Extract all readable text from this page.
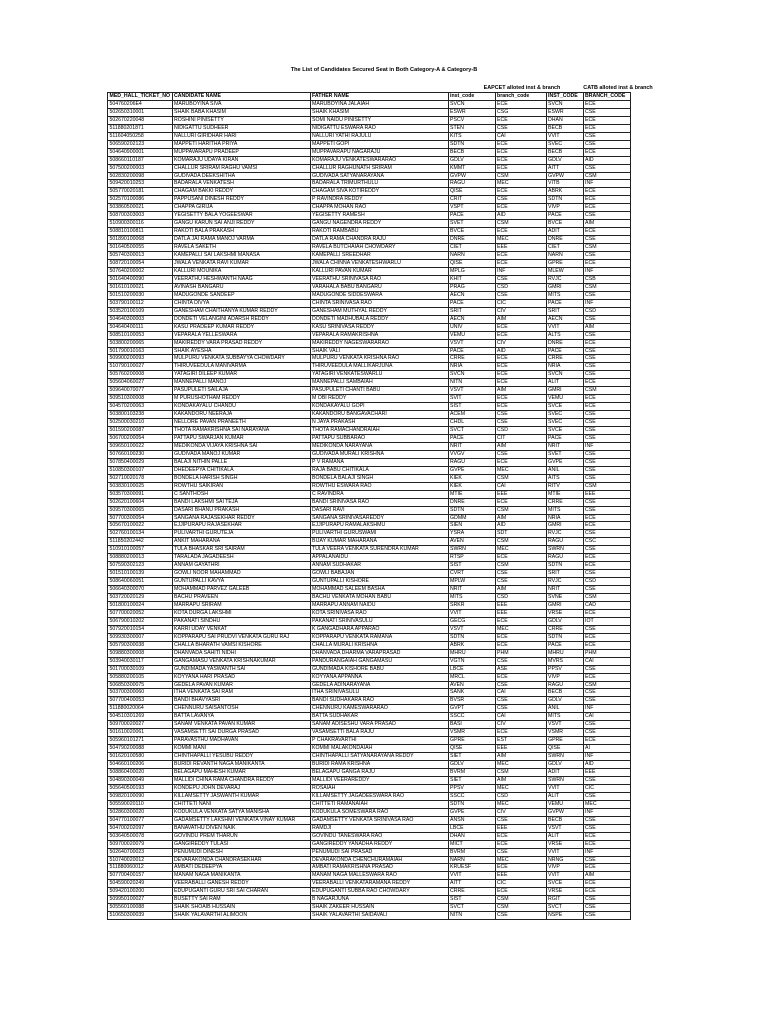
The List of Candidates Secured Seat in Both Category-A & Category-B
EAPCET alloted inst & branch	CATB alloted inst & branch
MED_HALL_TICKET_NO	CANDIDATE NAME	FATHER NAME	inst_code	branch_code	INST_CODE	BRANCH_CODE
504760206E4	MARUBOYINA SIVA	MARUBOYINA JALAIAH	SVCN	ECE	SVCN	ECE
502650310001	SHAIK BABA KHASIM	SHAIK KHASIM	ESWR	CSG	ESWR	CSE
502670220048	ROSHINI PINISETTY	SOMI NAIDU PINISETTY	PSCV	ECE	DHAN	ECE
511880201871	NIDIGATTU SUDHEER	NIDIGATTU ESWARA RAO	STEN	CSE	BECB	ECE
511604050258	NALLURI GIRIDHAR HARI	NALLURI YATHI RAJULU	KITS	CAI	VVIT	CSE
506590202123	MAPPETI HARITHA PRIYA	MAPPETI GOPI	SDTN	ECE	SVEC	CSE
504640900001	MUPPAVARAPU PRADEEP	MUPPAVARAPU NAGARAJU	BECB	ECE	BECB	ECE
508660110187	KOMARAJU UDAYA KIRAN	KOMARAJU VENKATESWARARAO	GDLV	ECE	GDLV	AID
507500200003	CHALLUR SRIRAM RAGHU VAMSI	CHALLUR RAGHUNATH SRIRAM	KMMT	ECE	AITT	CSE
502830200098	GUDIVADA DEEKSHITHA	GUDIVADA SATYANARAYANA	GVPW	CSM	GVPW	CSM
509420010253	BADARALA VENKATESH	BADARALA TRIMURTHULU	RAGU	MEC	VITB	INF
505770020181	CHAGAM BAKKI REDDY	CHAGAM SIVA KOTIREDDY	QISE	ECE	ABRK	ECE
502570100086	PAPPUSANI DINESH REDDY	P RAVINDRA REDDY	CRIT	CSE	SDTN	ECE
503860500021	CHAPPA GIRIJA	CHAPPA MOHAN RAO	VSPT	ECE	VIVP	ECE
508700303003	YEGISETTY BALA YOGEESWAR	YEGISETTY RAMESH	PACE	AID	PACE	CSE
510900300116	GANGU KARUN SAI ANJI REDDY	GANGU NAGENDRA REDDY	SVET	CSM	BVCE	AIM
508810100811	RAKOTI BALA PRAKASH	RAKOTI RAMBABU	BVCE	ECE	ADIT	ECE
501890100068	DATLA JAI RAMA MANOJ VARMA	DATLA RAMA CHANDRA RAJU	DNRE	MEC	DNRE	CSE
501640500055	RAVELA SAKETH	RAVELA BUTCHAIAH CHOWDARY	CIET	EEE	CIET	CSM
505740300013	KAMEPALLI SAI LAKSHMI MANASA	KAMEPALLI SREEDHAR	NARN	ECE	NARN	CSE
508720100054	JWALA VENKATA RAVI KUMAR	JWALA CHINNA VENKATESHWARLU	QISE	ECE	GPRE	ECE
507640200002	KALLURI MOUNIKA	KALLURI PAVAN KUMAR	MPLG	INF	MLEW	INF
501640400090	VEERATHU HESHWANTH NAAG	VEERATHU SRINIVASA RAO	KHIT	CSE	RVJC	CSB
501610100021	AVINASH BANGARU	VARAHALA BABU BANGARU	PRAG	CSD	GMRI	CSM
501510200030	MADUGONDE SANDEEP	MADUGONDE SIDDESWARA	AECN	CSE	MITS	CSE
503790100112	CHINTA DIVYA	CHINTA SRINIVASA RAO	PACE	CIC	PACE	INF
503520100109	GANESHAM CHAITHANYA KUMAR REDDY	GANESHAM MUTHYAL REDDY	SRIT	CIV	SRIT	CSD
504640300003	DONDETI VELANGINI ADARSH REDDY	DONDETI MADHUBALA REDDY	AECN	AIM	AECN	CSE
504640400111	KASU PRADEEP KUMAR REDDY	KASU SRINIVASA REDDY	UNIV	ECE	VVIT	AIM
508510100053	VEPARALA YELLESWARA	VEPARALA RAMAKRISHNA	VEMU	ECE	ALTS	CSE
503800200065	MAKIREDDY VARA PRASAD REDDY	MAKIREDDY NAGESWARARAO	VSVT	CIV	DNRE	ECE
501790010163	SHAIK AYESHA	SHAIK VALI	PACE	AID	PACE	CSE
509900200093	MULPURU VENKATA SUBBAYYA CHOWDARY	MULPURU VENKATA KRISHNA RAO	CRRE	ECE	CRRE	CSE
510790100027	THIRUVEEDULA MANIVARMA	THIRUVEEDULA MALLIKARJUNA	NRIA	ECE	NRIA	CSE
505760200008	YATAGIRI DILEEP KUMAR	YATAGIRI VENKATESWARLU	SVCN	ECE	SVCN	CSE
505604060027	MANNEPALLI MANOJ	MANNEPALLI SAMBAIAH	NITN	ECE	ALIT	ECE
509640070077	PASUPULETI SAILAJA	PASUPULETI CHANTI BABU	VSVT	AIM	GMRI	CSM
509510300008	M PURUSHOTHAM REDDY	M OBI REDDY	SVIT	ECE	VEMU	ECE
504570200063	KONDAKAYALU CHANDU	KONDAKAYALU GOPI	SIST	ECE	SVCE	ECE
503800103238	KAKANDORU NEERAJA	KAKANDORU BANGAVACHARI	ACEM	CSE	SVEC	CSE
502500030210	NELLORE PAVAN PRANEETH	N JAYA PRAKASH	CHDL	CSE	SVEC	CSE
501590200087	THOTA RAMAKRISHNA SAI NARAYANA	THOTA RAMACHANDRAIAH	SVCT	CSD	SVCE	CSE
506700200054	PATTAPU SWARJAN KUMAR	PATTAPU SUBBARAO	PACE	CIT	PACE	CSE
509650100022	MEDIKONDA VIJAYA KRISHNA SAI	MEDIKONDA NARAYANA	NRIT	AIM	NRIT	INF
507660100230	GUDIVADA MANOJ KUMAR	GUDIVADA MURALI KRISHNA	VVGV	CSE	SVET	CSE
507850400029	BALAJI NITHIN PALLE	P V RAMANA	RAGU	ECE	GVPE	CSE
510850300107	DHEDEEPYA CHITIKALA	RAJA BABU CHITIKALA	GVPE	MEC	ANIL	CSE
502710020178	BONDELA HARISH SINGH	BONDELA BALAJI SINGH	KIEK	CSM	AITS	CSE
503830100025	ROWTHU SAIKIRAN	ROWTHU ESWARA RAO	KIEK	CAI	RITV	CSM
503570300091	C SANTHOSH	C RAVINDRA	MTIE	EEE	MTIE	EEE
502620100604	BANDI LAKSHMI SAI TEJA	BANDI SRINIVASA RAO	DNRE	ECE	CRRE	CSE
509570300065	DASARI BHANU PRAKASH	DASARI RAVI	SDTN	CSM	MITS	CSE
507700300054	SANGANA RAJASEKHAR REDDY	SANGANA SRINIVASAREDDY	GDMM	AIM	NRIA	ECE
505670100022	EJJIPURAPU RAJASEKHAR	EJJIPURAPU RAMALAKSHMU	SIEN	AID	GMRI	ECE
502760100134	PULIVARTHI GURUTEJA	PULIVARTHI GURUSWAMI	YSRA	SDT	RVJC	CSE
511850202442	ANKIT MAHARANA	BIJAY KUMAR MAHARANA	AVEN	CSM	RAGU	CSC
510910100057	TULA BHASKAR SRI SAIRAM	TULA VEERA VENKATA SURENDRA KUMAR	SWRN	MEC	SWRN	CSE
508880200013	TARALADA JAGADEESH	APPALANAIDU	RTSP	ECE	RAGU	ECE
507590302123	ANNAM GAYATHRI	ANNAM SUDHAKAR	SIST	CSM	SDTN	ECE
501510100139	GOWLI NOOR MAHAMMAD	GOWLI BABAJAN	CVRT	CSE	SRIT	CSE
508640060051	GUNTUPALLI KAVYA	GUNTUPALLI KISHORE	MPLW	CSE	RVJC	CSD
506640300070	MOHAMMAD PARVEZ GALEEB	MOHAMMAD SALEEM BASHA	NRIT	AIM	NRIT	CSE
503720020129	BACHU PRAVEEN	BACHU VENKATA MOHAN BABU	MITS	CSD	SVNE	CSM
501800100024	MARRAPU SRIRAM	MARRAPU ANNAM NAIDU	SRKR	EEE	GMRI	CAD
507700020052	KOTA DURGA LAKSHMI	KOTA SRINIVASA RAO	VVIT	EEE	VRSE	ECE
506790010202	PAKANATI SINDHU	PAKANATI SRINIVASULU	GECG	ECE	GDLV	IOT
507920010154	KARRI UDAY VENKAT	K GANGADHARA APPARAO	VSVT	MEC	CRRE	CSE
509930300007	KOPPARAPU SAI PRUDVI VENKATA GURU RAJ	KOPPARAPU VENKATA RAMANA	SDTN	ECE	SDTN	ECE
505790300038	CHALLA BHARATH VAMSI KISHORE	CHALLA MURALI KRISHNA	ABRK	ECE	PACE	ECE
509880300008	DHANVADA SAHITI NIDHI	DHANVADA DHARMA VARAPRASAD	MHRU	PHM	MHRU	PHM
503940030117	GANGAMASU VENKATA KRISHNAKUMAR	PANDURANGAIAH GANGAMASU	VGTN	CSE	MVRS	CAI
501700030109	GUNDIMADA YASWANTH SAI	GUNDIMADA KISHORE BABU	LBCE	ASE	PPSV	CSE
505880200105	KOYYANA HARI PRASAD	KOYYANA APPANNA	MRCL	ECE	VIVP	ECE
506850300075	GEDELA PAVAN KUMAR	GEDELA ADINARAYANA	AVEN	CSE	RAGU	CSM
503700300060	ITHA VENKATA SAI RAM	ITHA SRINIVASULU	SANK	CAI	BECB	CSE
507700400053	BANDI BHAVYASRI	BANDI SUDHAKARA RAO	BVSR	CSE	GDLV	CSE
511880020064	CHENNURU SAISANTOSH	CHENNURU KAMESWARARAO	GVPT	CSE	ANIL	INF
504510301269	BATTA LAVANYA	BATTA SUDHAKAR	SSCC	CAI	MITS	CAI
509700020027	SANAM VENKATA PAVAN KUMAR	SANAM ADISESHU VARA PRASAD	BASI	CIV	VSVT	CSE
501610020061	VASAMSETTI SAI DURGA PRASAD	VASAMSETTI BALA RAJU	VSMR	ECE	VSMR	CSE
505960101271	PARAVASTHU MADHAVAN	P CHAKRAVARTHI	GPRE	EST	GPRE	ECE
504790200088	KOMMI MANI	KOMMI MALAKONDAIAH	QISE	EEE	QISE	AI
501620100580	CHINTHAPALLI YESUBU REDDY	CHINTHAPALLI SATYANARAYANA REDDY	SIET	AIM	SWRN	INF
504660100206	BURIDI REVANTH NAGA MANIKANTA	BURIDI RAMA KRISHNA	GDLV	MEC	GDLV	AID
508860400020	BELAGAPU MAHESH KUMAR	BELAGAPU GANGA RAJU	BVRM	CSM	ADIT	EEE
504890300049	MALLIDI CHINA RAMA CHANDRA REDDY	MALLIDI VEERAREDDY	SIET	AIM	SWRN	CSE
505640500193	KONDEPU JOHN DEVARAJ	ROSAIAH	PPSV	MEC	VVIT	CIC
509820100090	KILLAMSETTY JASWANTH KUMAR	KILLAMSETTY JAGADEESWARA RAO	SSCC	CSD	ALIT	CSE
505590020110	CHITTETI NANI	CHITTETI RAMANAIAH	SDTN	MEC	VEMU	MEC
502860300020	KODUKULA VENKATA SATYA MANISHA	KODUKULA SOMESWARA RAO	GVPE	CIV	GVPW	INF
504770100077	GADAMSETTY LAKSHMI VENKATA VINAY KUMAR	GADAMSETTY VENKATA SRINIVASA RAO	ANSN	CSE	BECB	CSE
504700202097	BANAVATHU DIVEN NAIK	RAMDJI	LBCE	EEE	VSVT	CSE
503640500078	GOVINDU PREM THARUN	GOVINDU TANESWARA RAO	DHAN	ECE	ALIT	ECE
509700020079	GANGIREDDY TULASI	GANGIREDDY YANADHA REDDY	MICT	ECE	VRSE	ECE
502640700023	PENUMUDI DINESH	PENUMUDI SAI PRASAD	BVRM	CSE	VVIT	INF
510740020012	DEVARAKONDA CHANDRASEKHAR	DEVARAKONDA CHENCHURAMAIAH	NARN	MEC	NRNG	CSE
511880060012	AMBATI DEDEEPYA	AMBATI RAMAKRISHNA PRASAD	KRUESF	ECE	VIVP	ECE
507700400157	MANAM NAGA MANIKANTA	MANAM NAGA MALLESWARA RAO	VVIT	EEE	VVIT	AIM
504590020249	VEERABALLI GANESH REDDY	VEERABALLI VENKATARAMANA REDDY	AITT	CIC	SVCE	ECE
509420100200	EDUPUGANTI GURU SRI SAI CHARAN	EDUPUGANTI SUBBA RAO CHOWDARY	CRRE	ECE	VRSE	ECE
509950100027	BUSETTY SAI RAM	B NAGARJUNA	SIST	CSM	RGIT	CSE
505560100088	SHAIK SHOAIB HUSSAIN	SHAIK ZAKEER HUSSAIN	SVCT	CSM	SVCT	CSE
510650300039	SHAIK YALAVARTHI ALIMOON	SHAIK YALAVARTHI SAIDAVALI	NITN	CSE	NSPE	CSE
